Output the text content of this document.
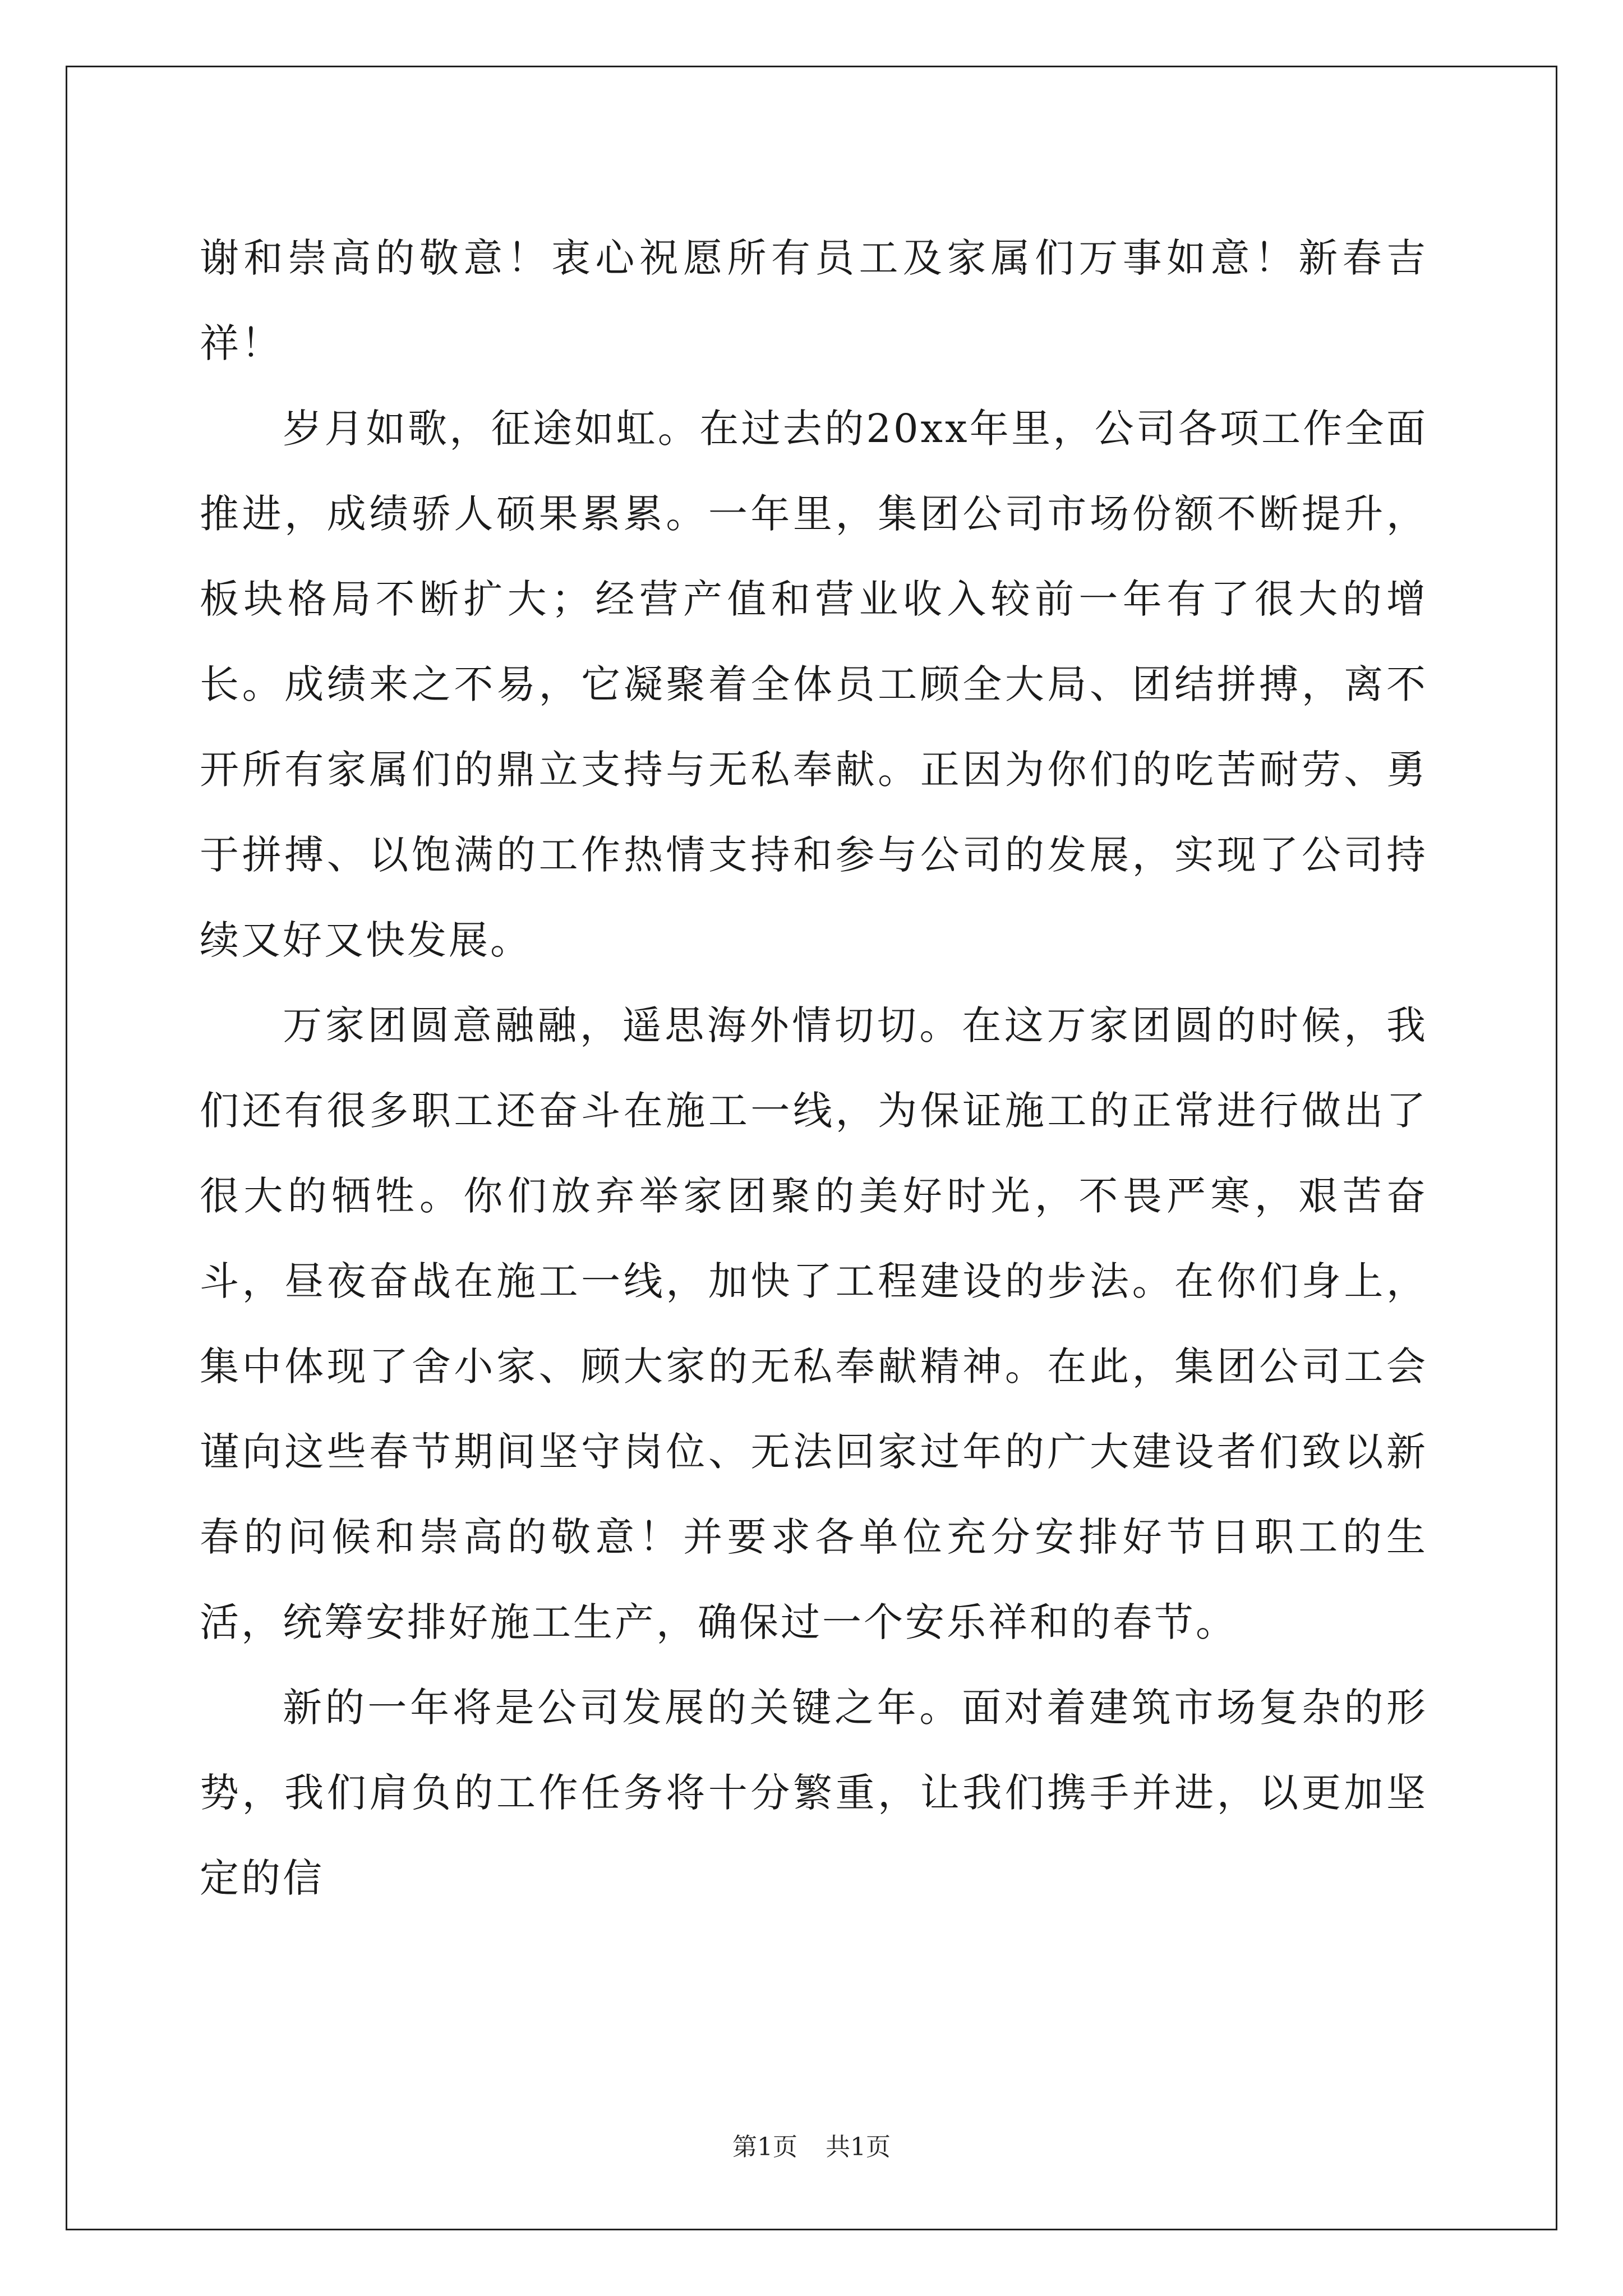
谢和崇高的敬意！衷心祝愿所有员工及家属们万事如意！新春吉祥！

岁月如歌，征途如虹。在过去的20xx年里，公司各项工作全面推进，成绩骄人硕果累累。一年里，集团公司市场份额不断提升，板块格局不断扩大；经营产值和营业收入较前一年有了很大的增长。成绩来之不易，它凝聚着全体员工顾全大局、团结拼搏，离不开所有家属们的鼎立支持与无私奉献。正因为你们的吃苦耐劳、勇于拼搏、以饱满的工作热情支持和参与公司的发展，实现了公司持续又好又快发展。

万家团圆意融融，遥思海外情切切。在这万家团圆的时候，我们还有很多职工还奋斗在施工一线，为保证施工的正常进行做出了很大的牺牲。你们放弃举家团聚的美好时光，不畏严寒，艰苦奋斗，昼夜奋战在施工一线，加快了工程建设的步法。在你们身上，集中体现了舍小家、顾大家的无私奉献精神。在此，集团公司工会谨向这些春节期间坚守岗位、无法回家过年的广大建设者们致以新春的问候和崇高的敬意！并要求各单位充分安排好节日职工的生活，统筹安排好施工生产，确保过一个安乐祥和的春节。

新的一年将是公司发展的关键之年。面对着建筑市场复杂的形势，我们肩负的工作任务将十分繁重，让我们携手并进，以更加坚定的信

第1页 共1页
